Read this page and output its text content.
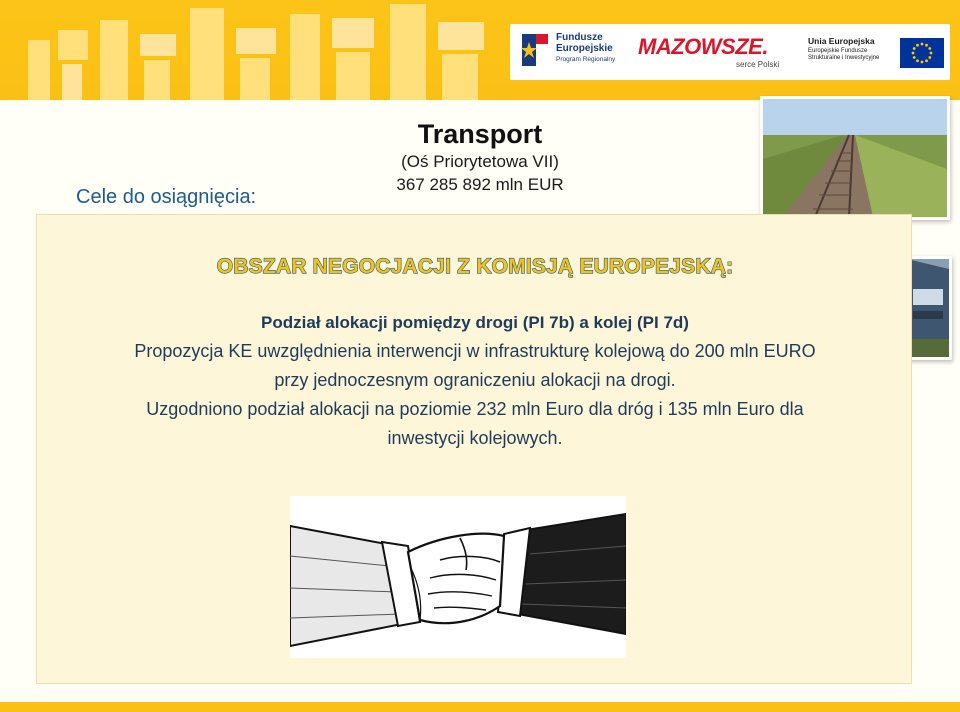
Fundusze
Europejskie
Program Regionalny
MAZOWSZE.
serce Polski
Unia Europejska
Europejskie Fundusze
Strukturalne i Inwestycyjne
Cele do osiągnięcia:
Transport
(Oś Priorytetowa VII)
367 285 892 mln EUR
OBSZAR NEGOCJACJI Z KOMISJĄ EUROPEJSKĄ:
Podział alokacji pomiędzy drogi (PI 7b) a kolej (PI 7d)
Propozycja KE uwzględnienia interwencji w infrastrukturę kolejową do 200 mln EURO
przy jednoczesnym ograniczeniu alokacji na drogi.
Uzgodniono podział alokacji na poziomie 232 mln Euro dla dróg i 135 mln Euro dla
inwestycji kolejowych.
